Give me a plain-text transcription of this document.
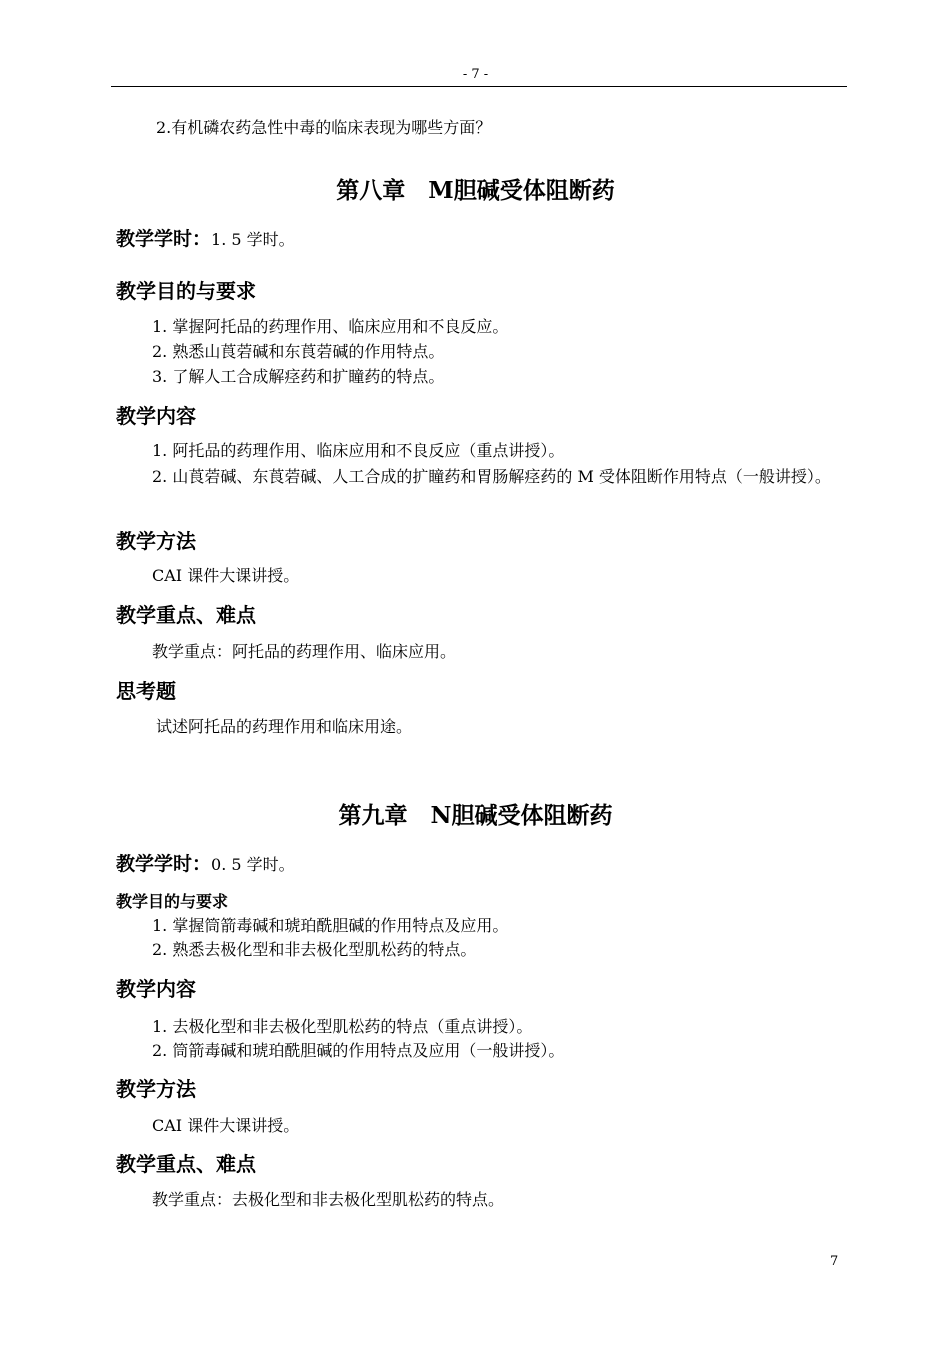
- 7 -
2.有机磷农药急性中毒的临床表现为哪些方面？
第八章　M胆碱受体阻断药
教学学时：1. 5 学时。
教学目的与要求
1. 掌握阿托品的药理作用、临床应用和不良反应。
2. 熟悉山莨菪碱和东莨菪碱的作用特点。
3. 了解人工合成解痉药和扩瞳药的特点。
教学内容
1. 阿托品的药理作用、临床应用和不良反应（重点讲授）。
2. 山莨菪碱、东莨菪碱、人工合成的扩瞳药和胃肠解痉药的 M 受体阻断作用特点（一般讲授）。
教学方法
CAI 课件大课讲授。
教学重点、难点
教学重点：阿托品的药理作用、临床应用。
思考题
试述阿托品的药理作用和临床用途。
第九章　N胆碱受体阻断药
教学学时：0. 5 学时。
教学目的与要求
1. 掌握筒箭毒碱和琥珀酰胆碱的作用特点及应用。
2. 熟悉去极化型和非去极化型肌松药的特点。
教学内容
1. 去极化型和非去极化型肌松药的特点（重点讲授）。
2. 筒箭毒碱和琥珀酰胆碱的作用特点及应用（一般讲授）。
教学方法
CAI 课件大课讲授。
教学重点、难点
教学重点：去极化型和非去极化型肌松药的特点。
7
